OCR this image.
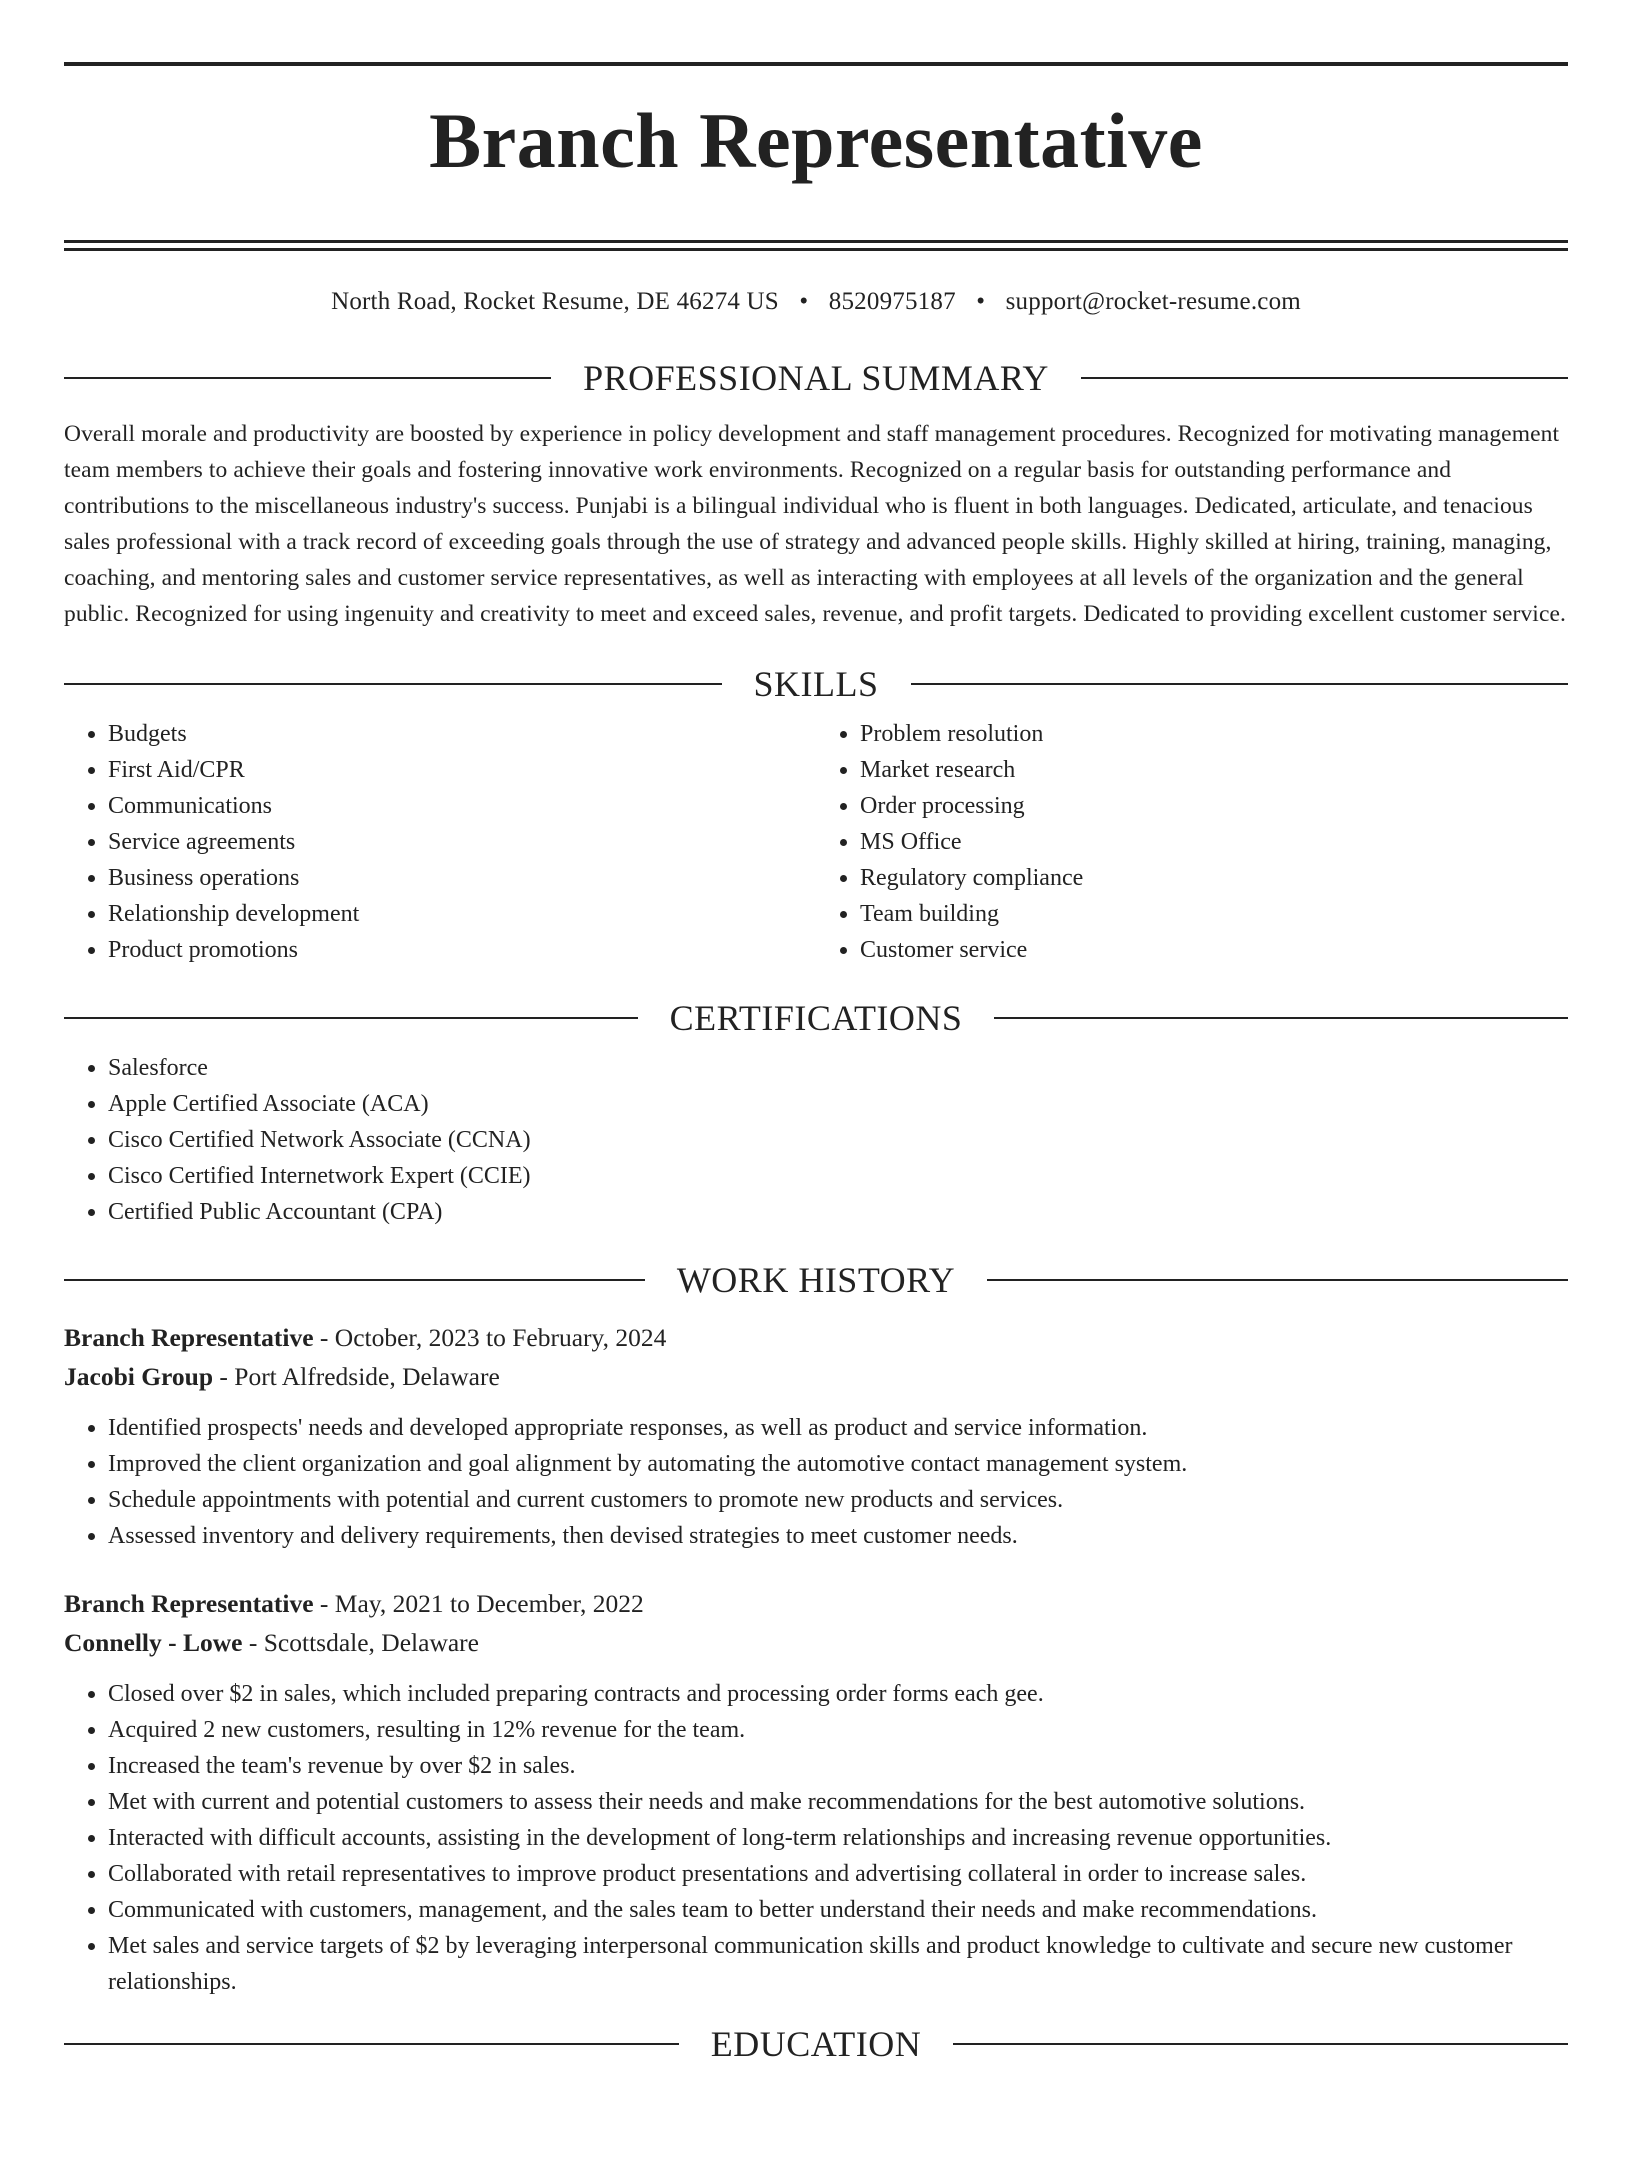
Branch Representative
North Road, Rocket Resume, DE 46274 US • 8520975187 • support@rocket-resume.com
PROFESSIONAL SUMMARY

Overall morale and productivity are boosted by experience in policy development and staff management procedures. Recognized for motivating management team members to achieve their goals and fostering innovative work environments. Recognized on a regular basis for outstanding performance and contributions to the miscellaneous industry's success. Punjabi is a bilingual individual who is fluent in both languages. Dedicated, articulate, and tenacious sales professional with a track record of exceeding goals through the use of strategy and advanced people skills. Highly skilled at hiring, training, managing, coaching, and mentoring sales and customer service representatives, as well as interacting with employees at all levels of the organization and the general public. Recognized for using ingenuity and creativity to meet and exceed sales, revenue, and profit targets. Dedicated to providing excellent customer service.

SKILLS
• Budgets
• First Aid/CPR
• Communications
• Service agreements
• Business operations
• Relationship development
• Product promotions
• Problem resolution
• Market research
• Order processing
• MS Office
• Regulatory compliance
• Team building
• Customer service
CERTIFICATIONS
• Salesforce
• Apple Certified Associate (ACA)
• Cisco Certified Network Associate (CCNA)
• Cisco Certified Internetwork Expert (CCIE)
• Certified Public Accountant (CPA)
WORK HISTORY
Branch Representative - October, 2023 to February, 2024
Jacobi Group - Port Alfredside, Delaware
• Identified prospects' needs and developed appropriate responses, as well as product and service information.
• Improved the client organization and goal alignment by automating the automotive contact management system.
• Schedule appointments with potential and current customers to promote new products and services.
• Assessed inventory and delivery requirements, then devised strategies to meet customer needs.
Branch Representative - May, 2021 to December, 2022
Connelly - Lowe - Scottsdale, Delaware
• Closed over $2 in sales, which included preparing contracts and processing order forms each gee.
• Acquired 2 new customers, resulting in 12% revenue for the team.
• Increased the team's revenue by over $2 in sales.
• Met with current and potential customers to assess their needs and make recommendations for the best automotive solutions.
• Interacted with difficult accounts, assisting in the development of long-term relationships and increasing revenue opportunities.
• Collaborated with retail representatives to improve product presentations and advertising collateral in order to increase sales.
• Communicated with customers, management, and the sales team to better understand their needs and make recommendations.
• Met sales and service targets of $2 by leveraging interpersonal communication skills and product knowledge to cultivate and secure new customer relationships.
EDUCATION
